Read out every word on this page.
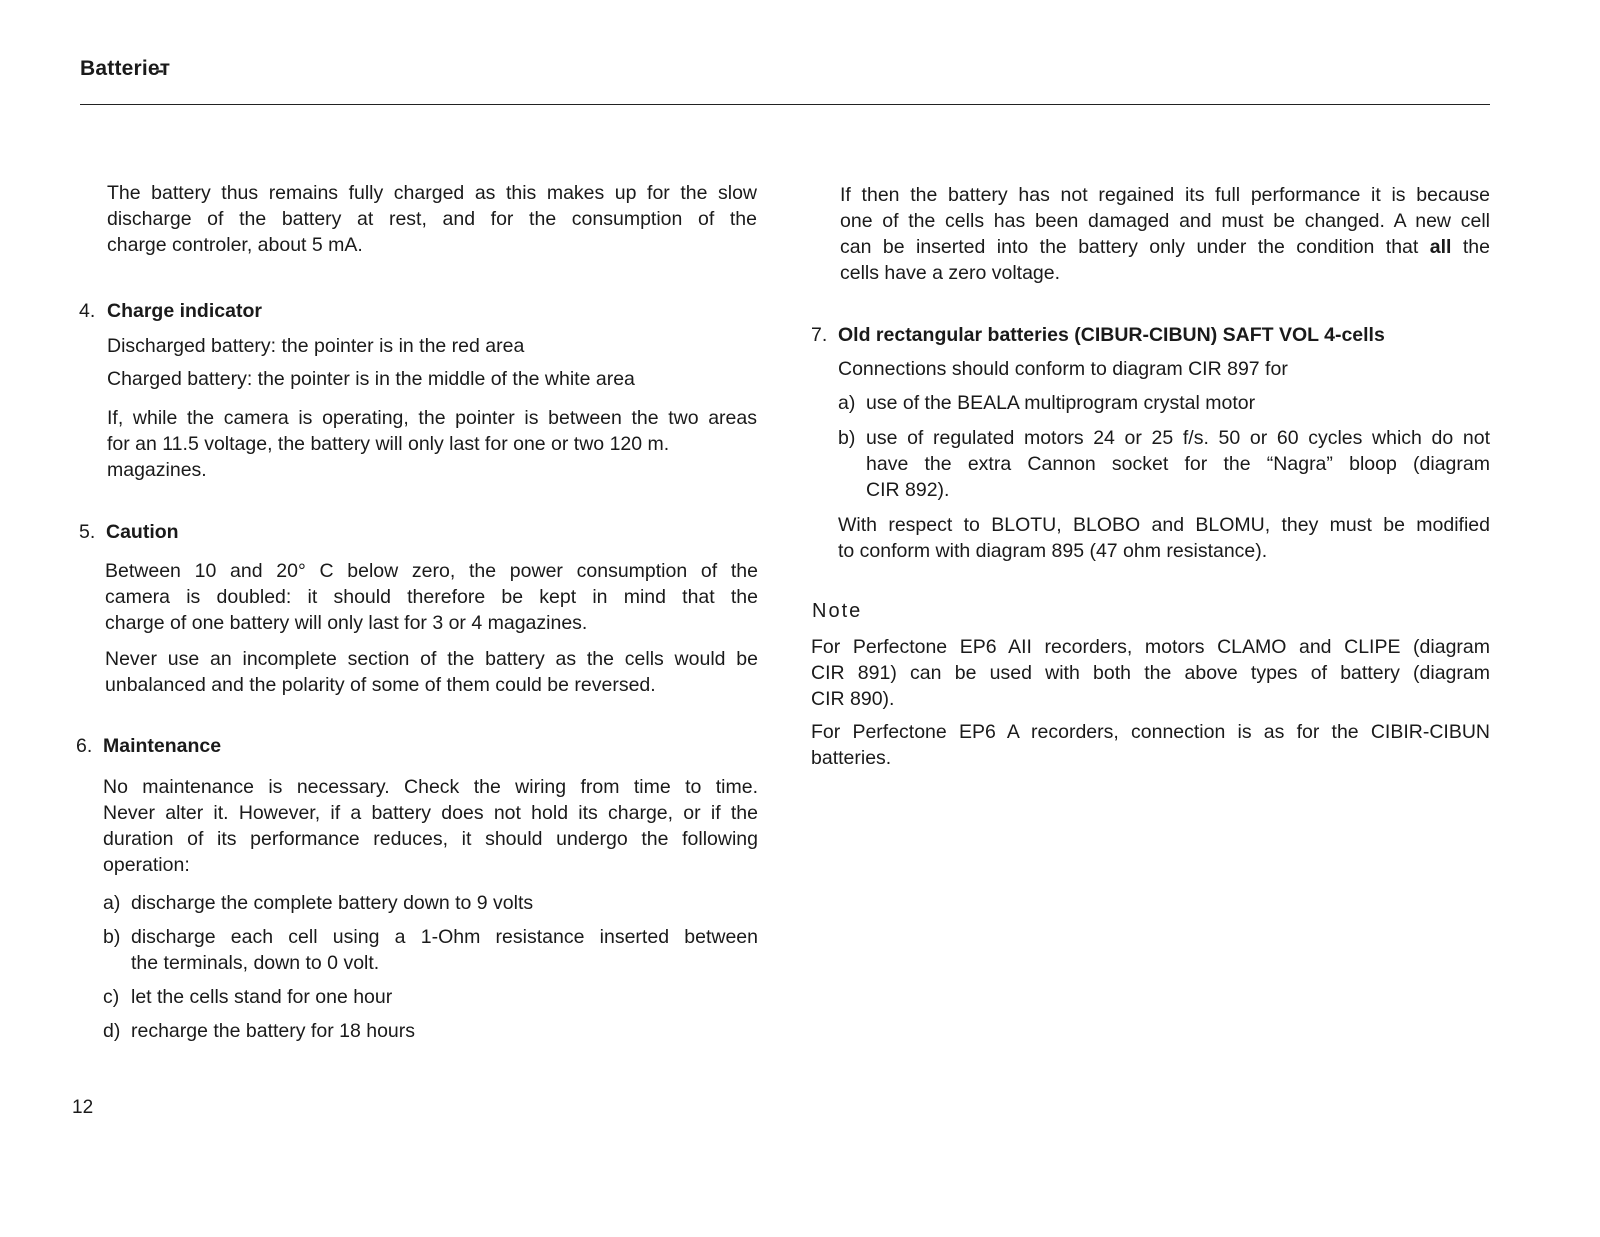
Batterie̵т
The battery thus remains fully charged as this makes up for the slow
discharge of the battery at rest, and for the consumption of the
charge controler, about 5 mA.
4. Charge indicator
Discharged battery: the pointer is in the red area
Charged battery: the pointer is in the middle of the white area
If, while the camera is operating, the pointer is between the two areas
for an 11.5 voltage, the battery will only last for one or two 120 m.
magazines.
5. Caution
Between 10 and 20° C below zero, the power consumption of the
camera is doubled: it should therefore be kept in mind that the
charge of one battery will only last for 3 or 4 magazines.
Never use an incomplete section of the battery as the cells would be
unbalanced and the polarity of some of them could be reversed.
6. Maintenance
No maintenance is necessary. Check the wiring from time to time.
Never alter it. However, if a battery does not hold its charge, or if the
duration of its performance reduces, it should undergo the following
operation:
a) discharge the complete battery down to 9 volts
b) discharge each cell using a 1-Ohm resistance inserted between
the terminals, down to 0 volt.
c) let the cells stand for one hour
d) recharge the battery for 18 hours
12
If then the battery has not regained its full performance it is because
one of the cells has been damaged and must be changed. A new cell
can be inserted into the battery only under the condition that all the
cells have a zero voltage.
7. Old rectangular batteries (CIBUR-CIBUN) SAFT VOL 4-cells
Connections should conform to diagram CIR 897 for
a) use of the BEALA multiprogram crystal motor
b) use of regulated motors 24 or 25 f/s. 50 or 60 cycles which do not
have the extra Cannon socket for the “Nagra” bloop (diagram
CIR 892).
With respect to BLOTU, BLOBO and BLOMU, they must be modified
to conform with diagram 895 (47 ohm resistance).
Note
For Perfectone EP6 AII recorders, motors CLAMO and CLIPE (diagram
CIR 891) can be used with both the above types of battery (diagram
CIR 890).
For Perfectone EP6 A recorders, connection is as for the CIBIR-CIBUN
batteries.
